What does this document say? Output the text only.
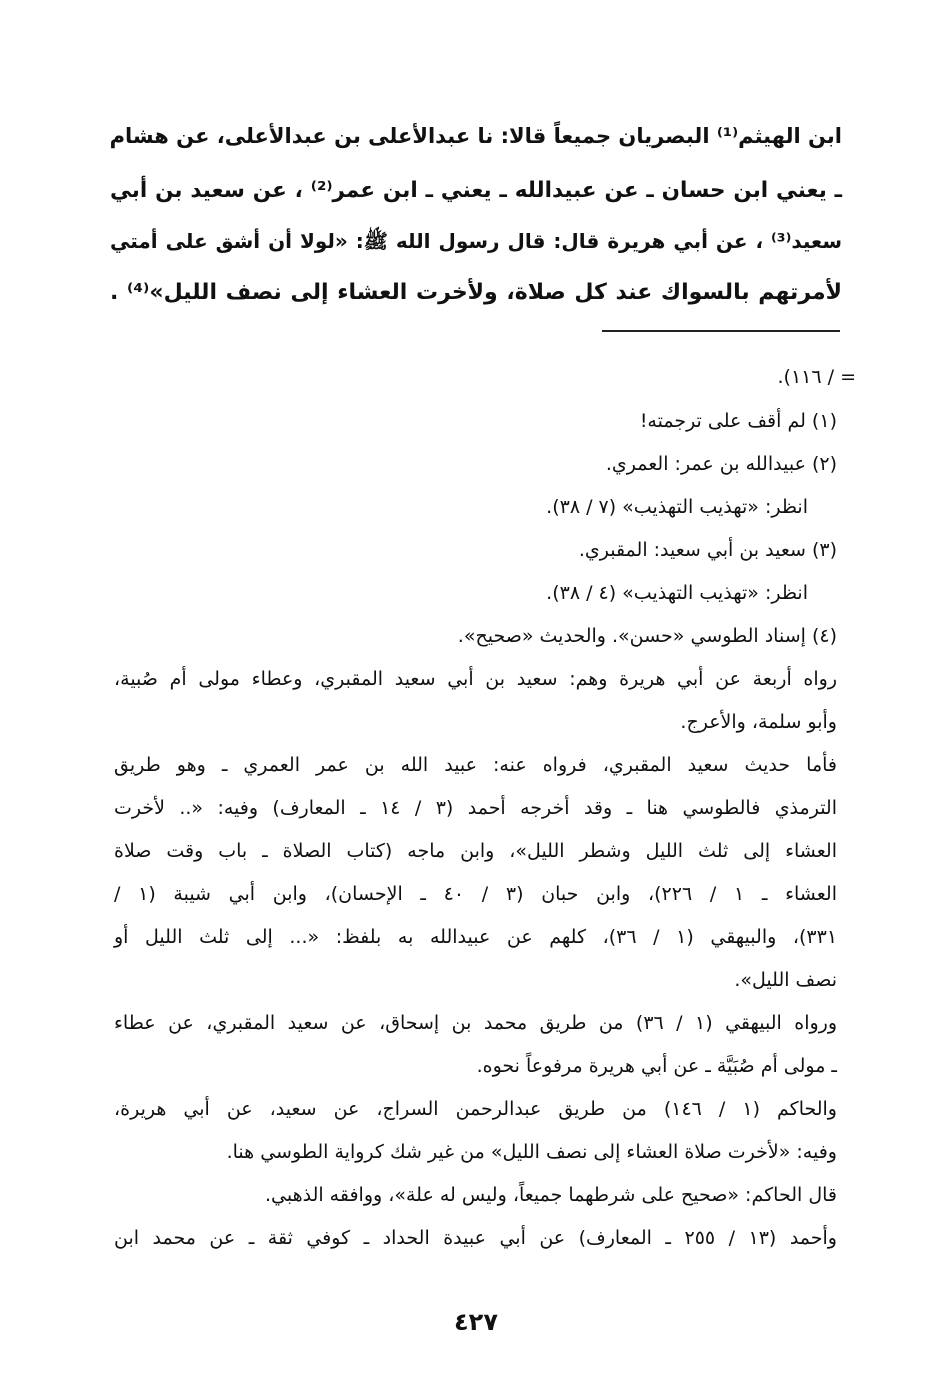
ابن الهيثم⁽¹⁾ البصريان جميعاً قالا: نا عبدالأعلى بن عبدالأعلى، عن هشام
ـ يعني ابن حسان ـ عن عبيدالله ـ يعني ـ ابن عمر⁽²⁾ ، عن سعيد بن أبي
سعيد⁽³⁾ ، عن أبي هريرة قال: قال رسول الله ﷺ: «لولا أن أشق على أمتي
لأمرتهم بالسواك عند كل صلاة، ولأخرت العشاء إلى نصف الليل»⁽⁴⁾ .
= / ١١٦).
(١) لم أقف على ترجمته!
(٢) عبيدالله بن عمر: العمري.
انظر: «تهذيب التهذيب» (٧ / ٣٨).
(٣) سعيد بن أبي سعيد: المقبري.
انظر: «تهذيب التهذيب» (٤ / ٣٨).
(٤) إسناد الطوسي «حسن». والحديث «صحيح».
رواه أربعة عن أبي هريرة وهم: سعيد بن أبي سعيد المقبري، وعطاء مولى أم صُبية،
وأبو سلمة، والأعرج.
فأما حديث سعيد المقبري، فرواه عنه: عبيد الله بن عمر العمري ـ وهو طريق
الترمذي فالطوسي هنا ـ وقد أخرجه أحمد (٣ / ١٤ ـ المعارف) وفيه: «.. لأخرت
العشاء إلى ثلث الليل وشطر الليل»، وابن ماجه (كتاب الصلاة ـ باب وقت صلاة
العشاء ـ ١ / ٢٢٦)، وابن حبان (٣ / ٤٠ ـ الإحسان)، وابن أبي شيبة (١ /
٣٣١)، والبيهقي (١ / ٣٦)، كلهم عن عبيدالله به بلفظ: «... إلى ثلث الليل أو
نصف الليل».
ورواه البيهقي (١ / ٣٦) من طريق محمد بن إسحاق، عن سعيد المقبري، عن عطاء
ـ مولى أم صُبَيَّة ـ عن أبي هريرة مرفوعاً نحوه.
والحاكم (١ / ١٤٦) من طريق عبدالرحمن السراج، عن سعيد، عن أبي هريرة،
وفيه: «لأخرت صلاة العشاء إلى نصف الليل» من غير شك كرواية الطوسي هنا.
قال الحاكم: «صحيح على شرطهما جميعاً، وليس له علة»، ووافقه الذهبي.
وأحمد (١٣ / ٢٥٥ ـ المعارف) عن أبي عبيدة الحداد ـ كوفي ثقة ـ عن محمد ابن
٤٢٧
